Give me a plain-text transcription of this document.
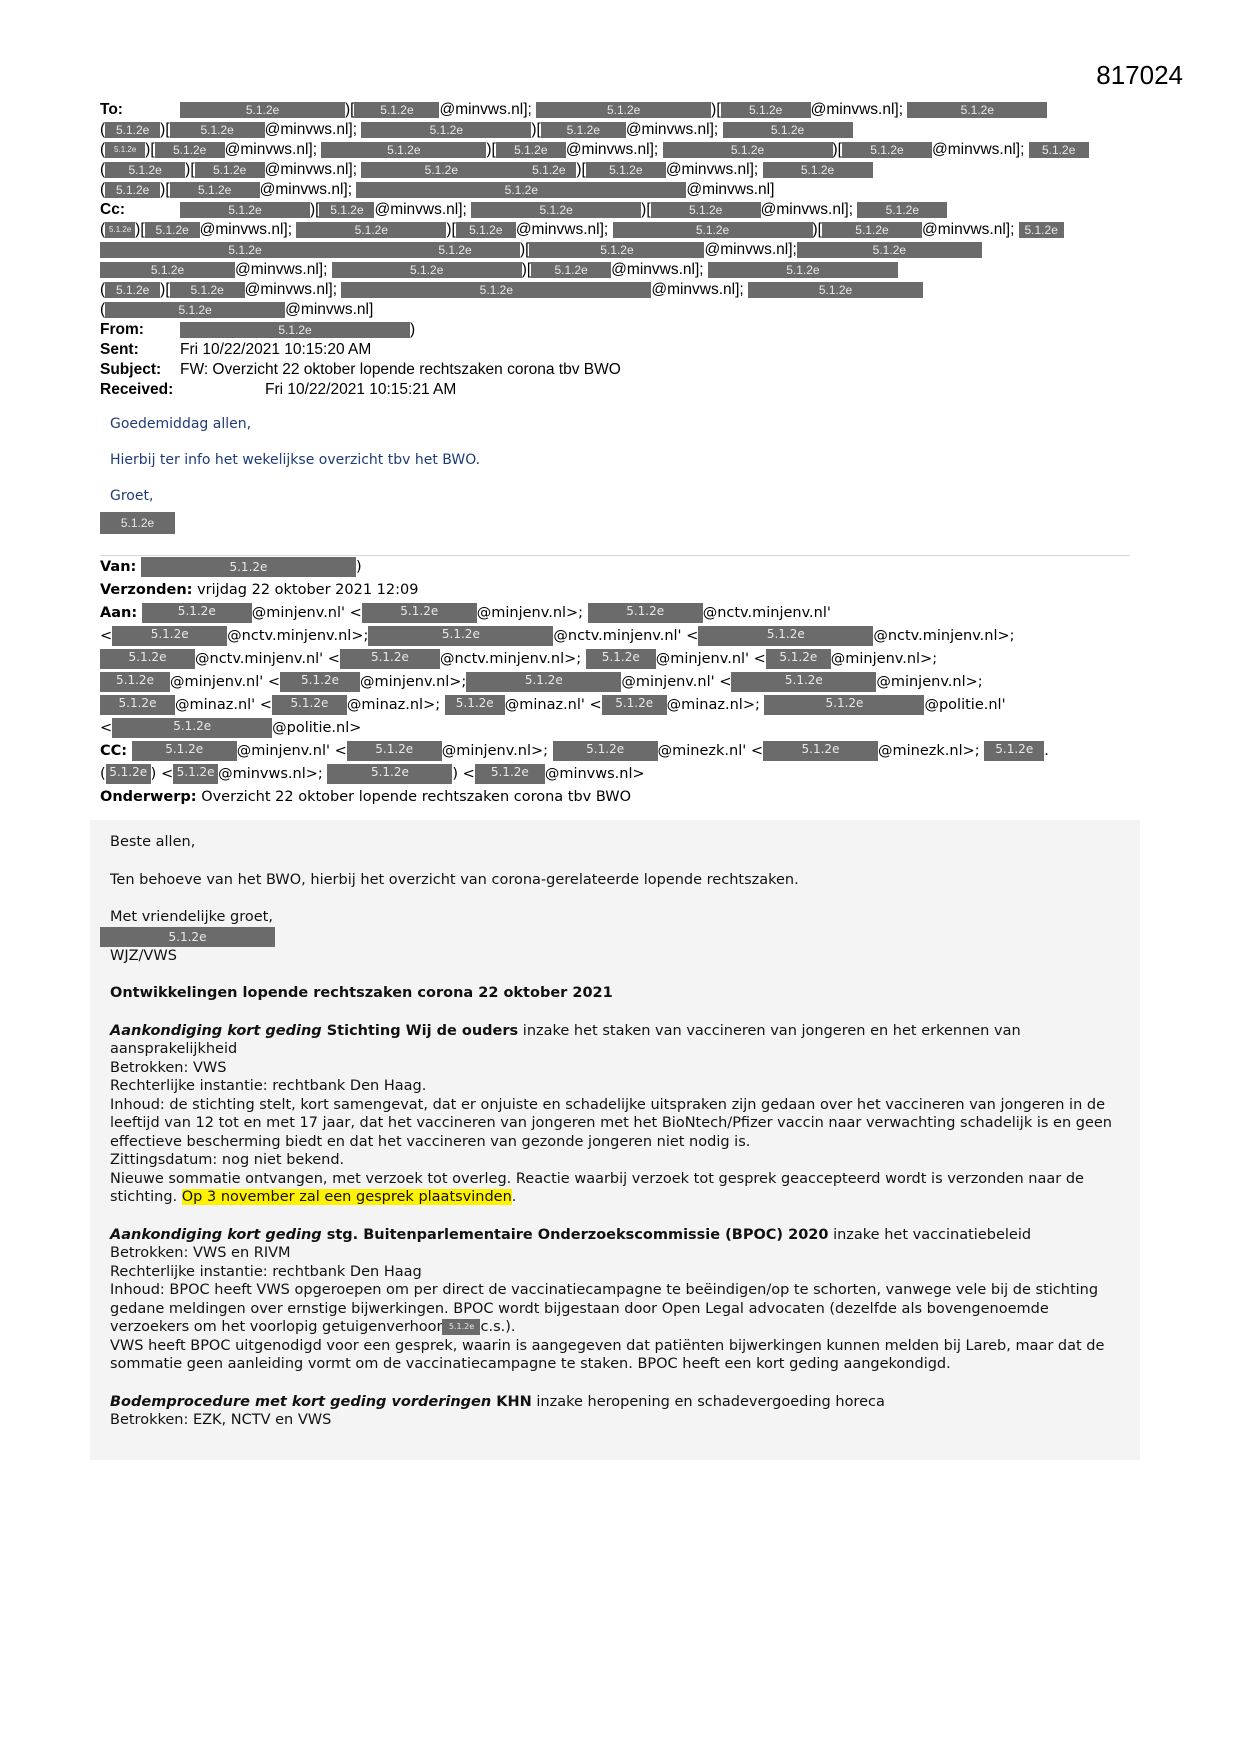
817024
To:	5.1.2e	)[ 5.1.2e @minvws.nl];	5.1.2e	)[ 5.1.2e @minvws.nl];	5.1.2e
( 5.1.2e )[	5.1.2e @minvws.nl];	5.1.2e	)[ 5.1.2e @minvws.nl];	5.1.2e
( 5.1.2e )[ 5.1.2e @minvws.nl];	5.1.2e	)[ 5.1.2e @minvws.nl];	5.1.2e	)[ 5.1.2e @minvws.nl]; 5.1.2e
( 5.1.2e )[ 5.1.2e @minvws.nl];	5.1.2e	5.1.2e )[ 5.1.2e @minvws.nl];	5.1.2e
( 5.1.2e )[ 5.1.2e @minvws.nl];	5.1.2e	@minvws.nl]
Cc:	5.1.2e	)[ 5.1.2e @minvws.nl];	5.1.2e	)[	5.1.2e @minvws.nl];	5.1.2e
( 5.1.2e )[ 5.1.2e @minvws.nl];	5.1.2e	)[ 5.1.2e @minvws.nl];	5.1.2e	)[	5.1.2e @minvws.nl]; 5.1.2e
5.1.2e	5.1.2e	)[	5.1.2e	@minvws.nl];	5.1.2e
5.1.2e	@minvws.nl];	5.1.2e	)[ 5.1.2e @minvws.nl];	5.1.2e
( 5.1.2e )[ 5.1.2e @minvws.nl];	5.1.2e	@minvws.nl];	5.1.2e
(	5.1.2e	@minvws.nl]
From:	5.1.2e	)
Sent:	Fri 10/22/2021 10:15:20 AM
Subject: FW: Overzicht 22 oktober lopende rechtszaken corona tbv BWO
Received:	Fri 10/22/2021 10:15:21 AM

Goedemiddag allen,

Hierbij ter info het wekelijkse overzicht tbv het BWO.

Groet,

5.1.2e
Van:	5.1.2e	)
Verzonden: vrijdag 22 oktober 2021 12:09
Aan:	5.1.2e @minjenv.nl' <	5.1.2e	@minjenv.nl>;	5.1.2e	@nctv.minjenv.nl'
<	5.1.2e	@nctv.minjenv.nl>;	5.1.2e	@nctv.minjenv.nl' <	5.1.2e	@nctv.minjenv.nl>;
5.1.2e @nctv.minjenv.nl' <	5.1.2e @nctv.minjenv.nl>; 5.1.2e @minjenv.nl' < 5.1.2e @minjenv.nl>;
5.1.2e @minjenv.nl' < 5.1.2e @minjenv.nl>;	5.1.2e	@minjenv.nl' <	5.1.2e	@minjenv.nl>;
5.1.2e @minaz.nl' < 5.1.2e @minaz.nl>; 5.1.2e @minaz.nl' < 5.1.2e @minaz.nl>;	5.1.2e	@politie.nl'
<	5.1.2e	@politie.nl>
CC:	5.1.2e @minjenv.nl' < 5.1.2e @minjenv.nl>;	5.1.2e @minezk.nl' <	5.1.2e	@minezk.nl>; 5.1.2e .
( 5.1.2e ) < 5.1.2e @minvws.nl>;	5.1.2e	) < 5.1.2e @minvws.nl>
Onderwerp: Overzicht 22 oktober lopende rechtszaken corona tbv BWO

Beste allen,

Ten behoeve van het BWO, hierbij het overzicht van corona-gerelateerde lopende rechtszaken.

Met vriendelijke groet,
5.1.2e

WJZ/VWS

Ontwikkelingen lopende rechtszaken corona 22 oktober 2021

Aankondiging kort geding Stichting Wij de ouders inzake het staken van vaccineren van jongeren en het erkennen van aansprakelijkheid
Betrokken: VWS
Rechterlijke instantie: rechtbank Den Haag.
Inhoud: de stichting stelt, kort samengevat, dat er onjuiste en schadelijke uitspraken zijn gedaan over het vaccineren van jongeren in de leeftijd van 12 tot en met 17 jaar, dat het vaccineren van jongeren met het BioNtech/Pfizer vaccin naar verwachting schadelijk is en geen effectieve bescherming biedt en dat het vaccineren van gezonde jongeren niet nodig is.
Zittingsdatum: nog niet bekend.
Nieuwe sommatie ontvangen, met verzoek tot overleg. Reactie waarbij verzoek tot gesprek geaccepteerd wordt is verzonden naar de stichting. Op 3 november zal een gesprek plaatsvinden.

Aankondiging kort geding stg. Buitenparlementaire Onderzoekscommissie (BPOC) 2020 inzake het vaccinatiebeleid
Betrokken: VWS en RIVM
Rechterlijke instantie: rechtbank Den Haag
Inhoud: BPOC heeft VWS opgeroepen om per direct de vaccinatiecampagne te beëindigen/op te schorten, vanwege vele bij de stichting gedane meldingen over ernstige bijwerkingen. BPOC wordt bijgestaan door Open Legal advocaten (dezelfde als bovengenoemde verzoekers om het voorlopig getuigenverhoor 5.1.2e c.s.).
VWS heeft BPOC uitgenodigd voor een gesprek, waarin is aangegeven dat patiënten bijwerkingen kunnen melden bij Lareb, maar dat de sommatie geen aanleiding vormt om de vaccinatiecampagne te staken. BPOC heeft een kort geding aangekondigd.

Bodemprocedure met kort geding vorderingen KHN inzake heropening en schadevergoeding horeca
Betrokken: EZK, NCTV en VWS
